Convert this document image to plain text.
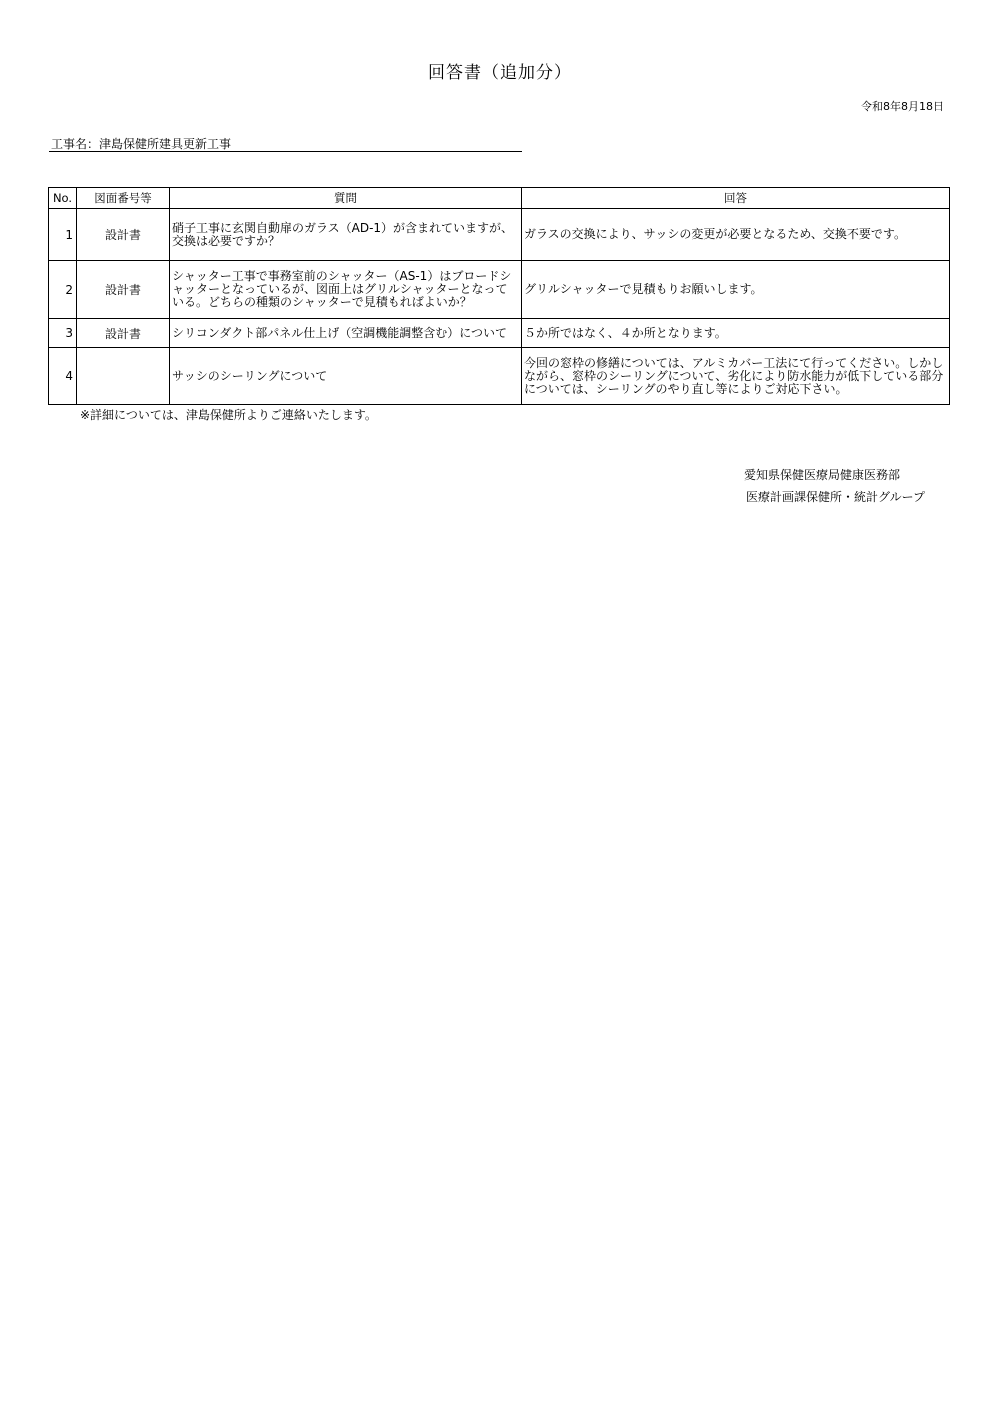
回答書（追加分）
令和8年8月18日
工事名：津島保健所建具更新工事
No.	図面番号等	質問	回答
1	設計書	硝子工事に玄関自動扉のガラス（AD-1）が含まれていますが、交換は必要ですか？	ガラスの交換により、サッシの変更が必要となるため、交換不要です。
2	設計書	シャッター工事で事務室前のシャッター（AS-1）はブロードシャッターとなっているが、図面上はグリルシャッターとなっている。どちらの種類のシャッターで見積もればよいか？	グリルシャッターで見積もりお願いします。
3	設計書	シリコンダクト部パネル仕上げ（空調機能調整含む）について	５か所ではなく、４か所となります。
4		サッシのシーリングについて	今回の窓枠の修繕については、アルミカバー工法にて行ってください。しかしながら、窓枠のシーリングについて、劣化により防水能力が低下している部分については、シーリングのやり直し等によりご対応下さい。
※詳細については、津島保健所よりご連絡いたします。
愛知県保健医療局健康医務部
医療計画課保健所・統計グループ
